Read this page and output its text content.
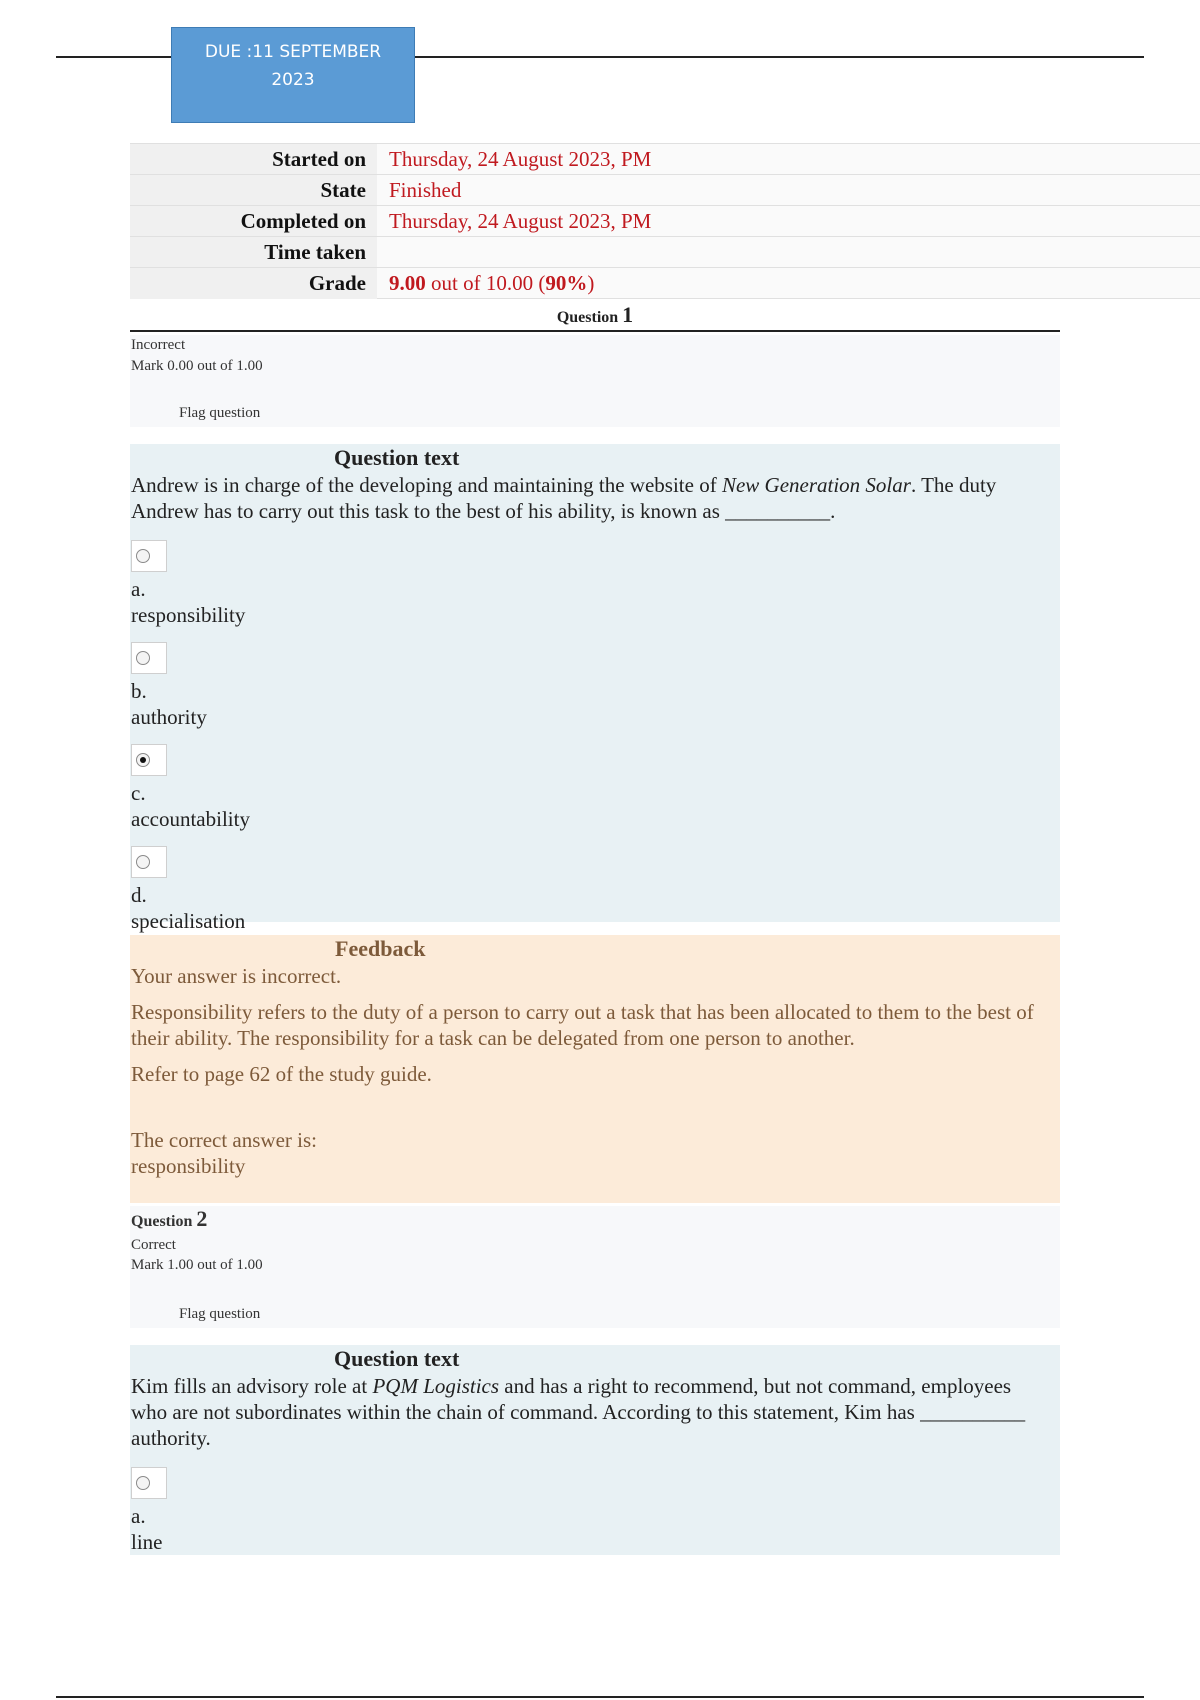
DUE :11 SEPTEMBER
2023
Started on	Thursday, 24 August 2023, PM
State	Finished
Completed on	Thursday, 24 August 2023, PM
Time taken	
Grade	9.00 out of 10.00 (90%)
Question 1
Incorrect
Mark 0.00 out of 1.00
Flag question
Question text
Andrew is in charge of the developing and maintaining the website of New Generation Solar. The duty Andrew has to carry out this task to the best of his ability, is known as __________.
a.
responsibility
b.
authority
c.
accountability
d.
specialisation
Feedback

Your answer is incorrect.

Responsibility refers to the duty of a person to carry out a task that has been allocated to them to the best of their ability. The responsibility for a task can be delegated from one person to another.

Refer to page 62 of the study guide.

The correct answer is:

responsibility

Question 2
Correct
Mark 1.00 out of 1.00
Flag question
Question text
Kim fills an advisory role at PQM Logistics and has a right to recommend, but not command, employees who are not subordinates within the chain of command. According to this statement, Kim has __________ authority.
a.
line
